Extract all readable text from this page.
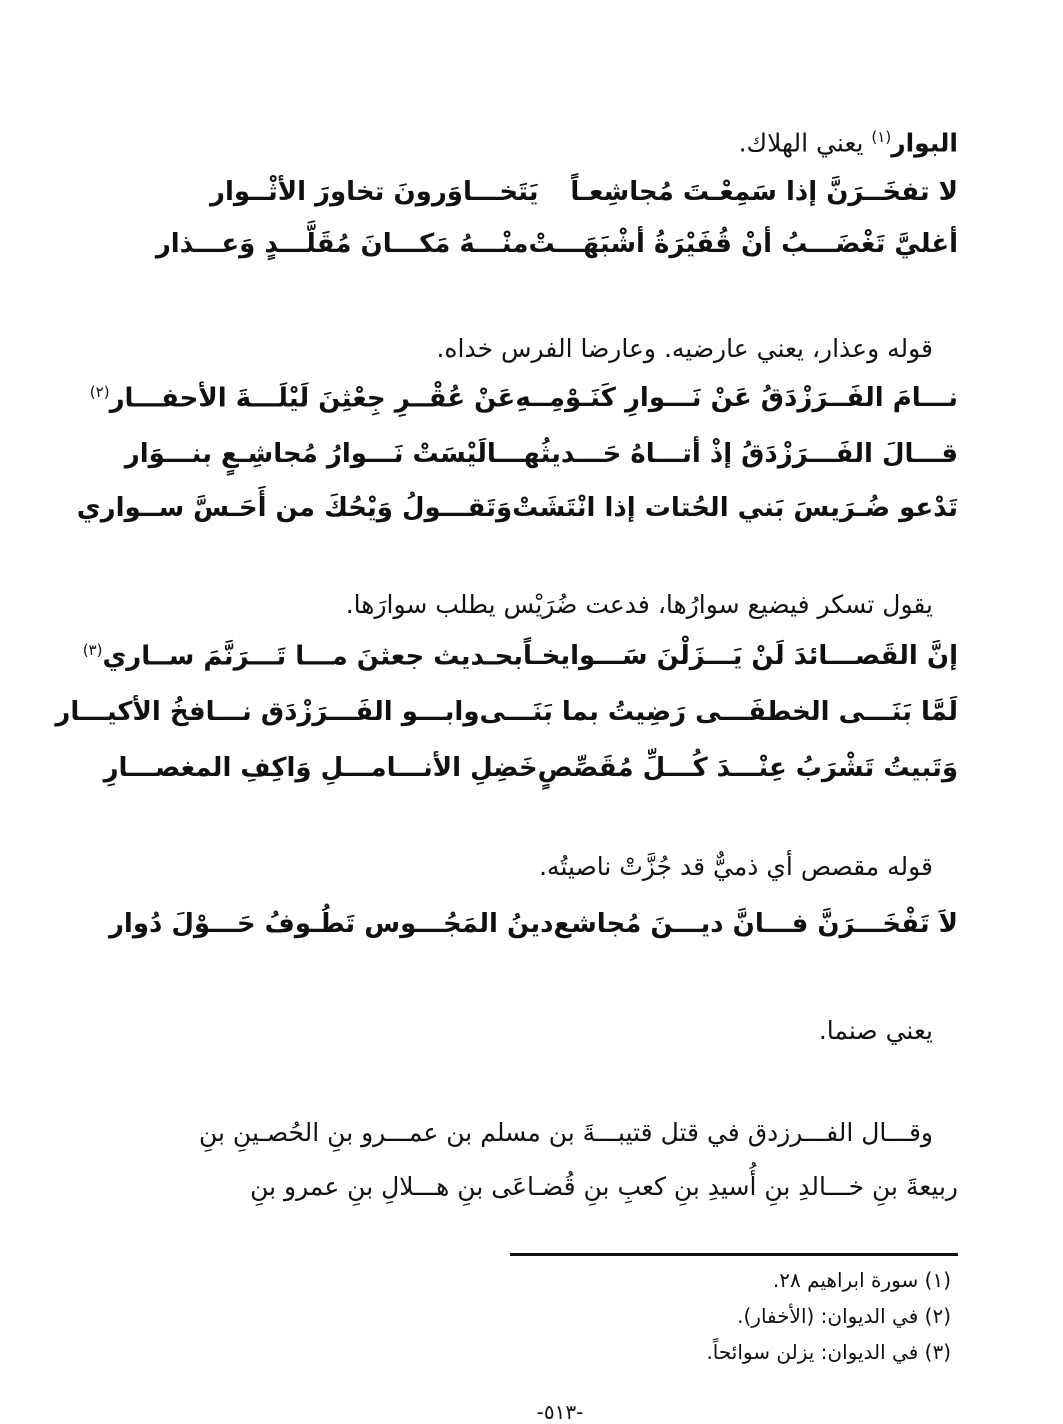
البوار$^{(١)}$ يعني الهلاك.
لا تفخَــرَنَّ إذا سَمِعْـتَ مُجاشِعـاً
يَتَخـــاوَرونَ تخاورَ الأثْــوار
أغليَّ تَغْضَـــبُ أنْ قُفَيْرَةُ أشْبَهَـــتْ
منْـــهُ مَكـــانَ مُقَلَّـــدٍ وَعـــذار
قوله وعذار، يعني عارضيه. وعارضا الفرس خداه.
نـــامَ الفَــرَزْدَقُ عَنْ نَـــوارِ كَنَـوْمِــهِ
عَنْ عُقْــرِ جِعْثِنَ لَيْلَـــةَ الأحفـــار$^{(٢)}$
قـــالَ الفَـــرَزْدَقُ إذْ أتـــاهُ حَـــديثُهـــا
لَيْسَتْ نَـــوارُ مُجاشِـعٍ بنـــوَار
تَدْعو ضُـرَيسَ بَني الحُتات إذا انْتَشَتْ
وَتَقـــولُ وَيْحُكَ من أَحَـسَّ ســواري
يقول تسكر فيضيع سوارُها، فدعت ضُرَيْس يطلب سوارَها.
إنَّ القَصـــائدَ لَنْ يَـــزَلْنَ سَـــوايخـاً
بحـديث جعثنَ مـــا تَـــرَنَّمَ ســاري$^{(٣)}$
لَمَّا بَنَـــى الخطفَـــى رَضِيتُ بما بَنَـــى
وابـــو الفَـــرَزْدَق نـــافخُ الأكيـــار
وَتَبيتُ تَشْرَبُ عِنْـــدَ كُـــلِّ مُقَصِّصٍ
خَضِلِ الأنـــامـــلِ وَاكِفِ المغصـــارِ
قوله مقصص أي ذميٌّ قد جُزَّتْ ناصيتُه.
لاَ تَفْخَـــرَنَّ فـــانَّ ديـــنَ مُجاشع
دينُ المَجُـــوس تَطُـوفُ حَـــوْلَ دُوار
يعني صنما.
وقـــال الفـــرزدق في قتل قتيبـــةَ بن مسلم بن عمـــرو بنِ الحُصـينِ بنِ
ربيعةَ بنِ خـــالدِ بنِ أُسيدِ بنِ كعبِ بنِ قُضـاعَى بنِ هـــلالِ بنِ عمرو بنِ
(١) سورة ابراهيم ٢٨.
(٢) في الديوان: (الأخفار).
(٣) في الديوان: يزلن سوائحاً.
-٥١٣-
